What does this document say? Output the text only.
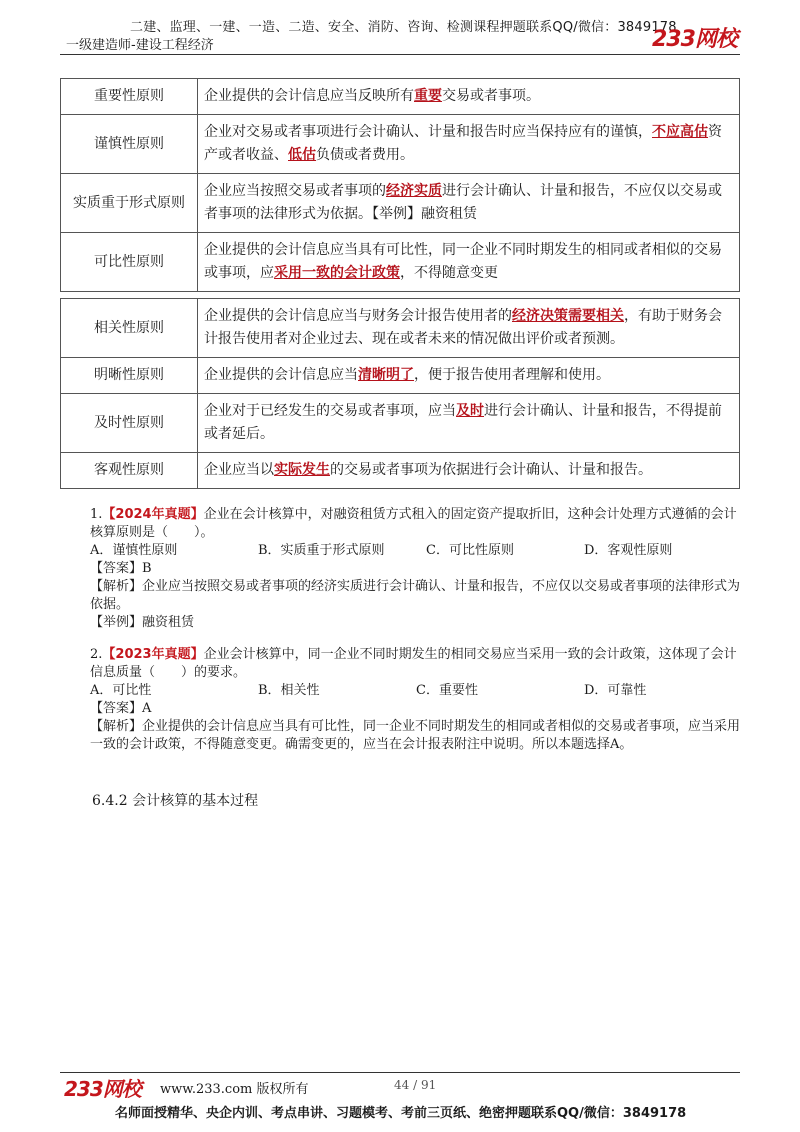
二建、监理、一建、一造、二造、安全、消防、咨询、检测课程押题联系QQ/微信：3849178
一级建造师-建设工程经济	233网校
重要性原则	企业提供的会计信息应当反映所有重要交易或者事项。
谨慎性原则	企业对交易或者事项进行会计确认、计量和报告时应当保持应有的谨慎，不应高估资产或者收益、低估负债或者费用。
实质重于形式原则	企业应当按照交易或者事项的经济实质进行会计确认、计量和报告，不应仅以交易或者事项的法律形式为依据。【举例】融资租赁
可比性原则	企业提供的会计信息应当具有可比性，同一企业不同时期发生的相同或者相似的交易或事项，应采用一致的会计政策，不得随意变更
相关性原则	企业提供的会计信息应当与财务会计报告使用者的经济决策需要相关，有助于财务会计报告使用者对企业过去、现在或者未来的情况做出评价或者预测。
明晰性原则	企业提供的会计信息应当清晰明了，便于报告使用者理解和使用。
及时性原则	企业对于已经发生的交易或者事项，应当及时进行会计确认、计量和报告，不得提前或者延后。
客观性原则	企业应当以实际发生的交易或者事项为依据进行会计确认、计量和报告。
1.【2024年真题】企业在会计核算中，对融资租赁方式租入的固定资产提取折旧，这种会计处理方式遵循的会计核算原则是（　　）。
A．谨慎性原则	B．实质重于形式原则	C．可比性原则	D．客观性原则
【答案】B
【解析】企业应当按照交易或者事项的经济实质进行会计确认、计量和报告，不应仅以交易或者事项的法律形式为依据。
【举例】融资租赁
2.【2023年真题】企业会计核算中，同一企业不同时期发生的相同交易应当采用一致的会计政策，这体现了会计信息质量（　　）的要求。
A．可比性	B．相关性	C．重要性	D．可靠性
【答案】A
【解析】企业提供的会计信息应当具有可比性，同一企业不同时期发生的相同或者相似的交易或者事项，应当采用一致的会计政策，不得随意变更。确需变更的，应当在会计报表附注中说明。所以本题选择A。
6.4.2 会计核算的基本过程
233网校 www.233.com 版权所有	44 / 91
名师面授精华、央企内训、考点串讲、习题模考、考前三页纸、绝密押题联系QQ/微信：3849178
